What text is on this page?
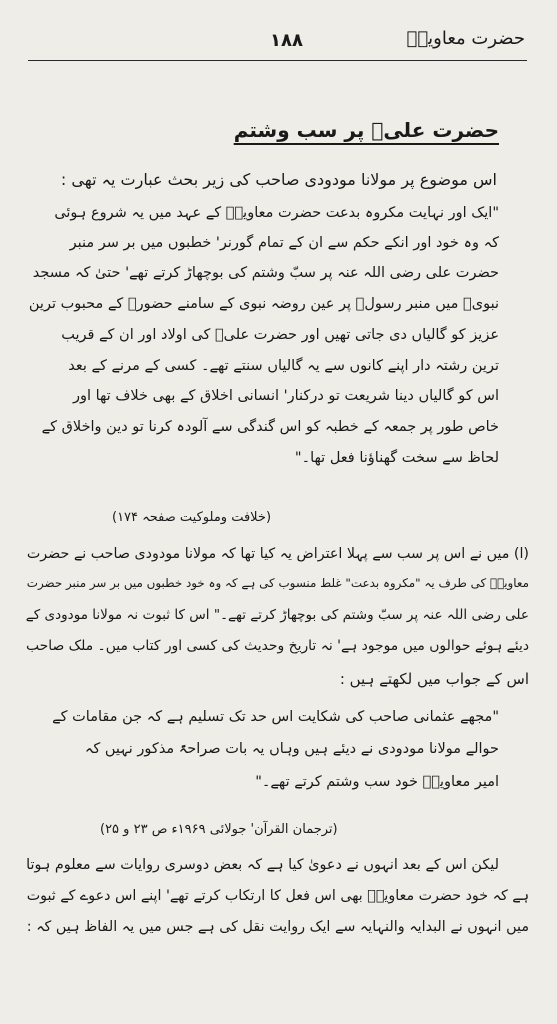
حضرت معاویہؓ
۱۸۸
حضرت علیؓ پر سب وشتم
اس موضوع پر مولانا مودودی صاحب کی زیر بحث عبارت یہ تھی :
"ایک اور نہایت مکروہ بدعت حضرت معاویہؓ کے عہد میں یہ شروع ہوئی
کہ وہ خود اور انکے حکم سے ان کے تمام گورنر' خطبوں میں بر سر منبر
حضرت علی رضی اللہ عنہ پر سبّ وشتم کی بوچھاڑ کرتے تھے' حتیٰ کہ مسجد
نبویؐ میں منبر رسولؐ پر عین روضہ نبوی کے سامنے حضورؐ کے محبوب ترین
عزیز کو گالیاں دی جاتی تھیں اور حضرت علیؓ کی اولاد اور ان کے قریب
ترین رشتہ دار اپنے کانوں سے یہ گالیاں سنتے تھے۔ کسی کے مرنے کے بعد
اس کو گالیاں دینا شریعت تو درکنار' انسانی اخلاق کے بھی خلاف تھا اور
خاص طور پر جمعہ کے خطبہ کو اس گندگی سے آلودہ کرنا تو دین واخلاق کے
لحاظ سے سخت گھناؤنا فعل تھا۔"
(خلافت وملوکیت صفحہ ۱۷۴)
(ا) میں نے اس پر سب سے پہلا اعتراض یہ کیا تھا کہ مولانا مودودی صاحب نے حضرت
معاویہؓ کی طرف یہ "مکروہ بدعت" غلط منسوب کی ہے کہ وہ خود خطبوں میں بر سر منبر حضرت
علی رضی اللہ عنہ پر سبّ وشتم کی بوچھاڑ کرتے تھے۔" اس کا ثبوت نہ مولانا مودودی کے
دیئے ہوئے حوالوں میں موجود ہے' نہ تاریخ وحدیث کی کسی اور کتاب میں۔ ملک صاحب
اس کے جواب میں لکھتے ہیں :
"مجھے عثمانی صاحب کی شکایت اس حد تک تسلیم ہے کہ جن مقامات کے
حوالے مولانا مودودی نے دیئے ہیں وہاں یہ بات صراحۃً مذکور نہیں کہ
امیر معاویہؓ خود سب وشتم کرتے تھے۔"
(ترجمان القرآن' جولائی ۱۹۶۹ء ص ۲۳ و ۲۵)
لیکن اس کے بعد انہوں نے دعویٰ کیا ہے کہ بعض دوسری روایات سے معلوم ہوتا
ہے کہ خود حضرت معاویہؓ بھی اس فعل کا ارتکاب کرتے تھے' اپنے اس دعوے کے ثبوت
میں انہوں نے البدایہ والنہایہ سے ایک روایت نقل کی ہے جس میں یہ الفاظ ہیں کہ :
